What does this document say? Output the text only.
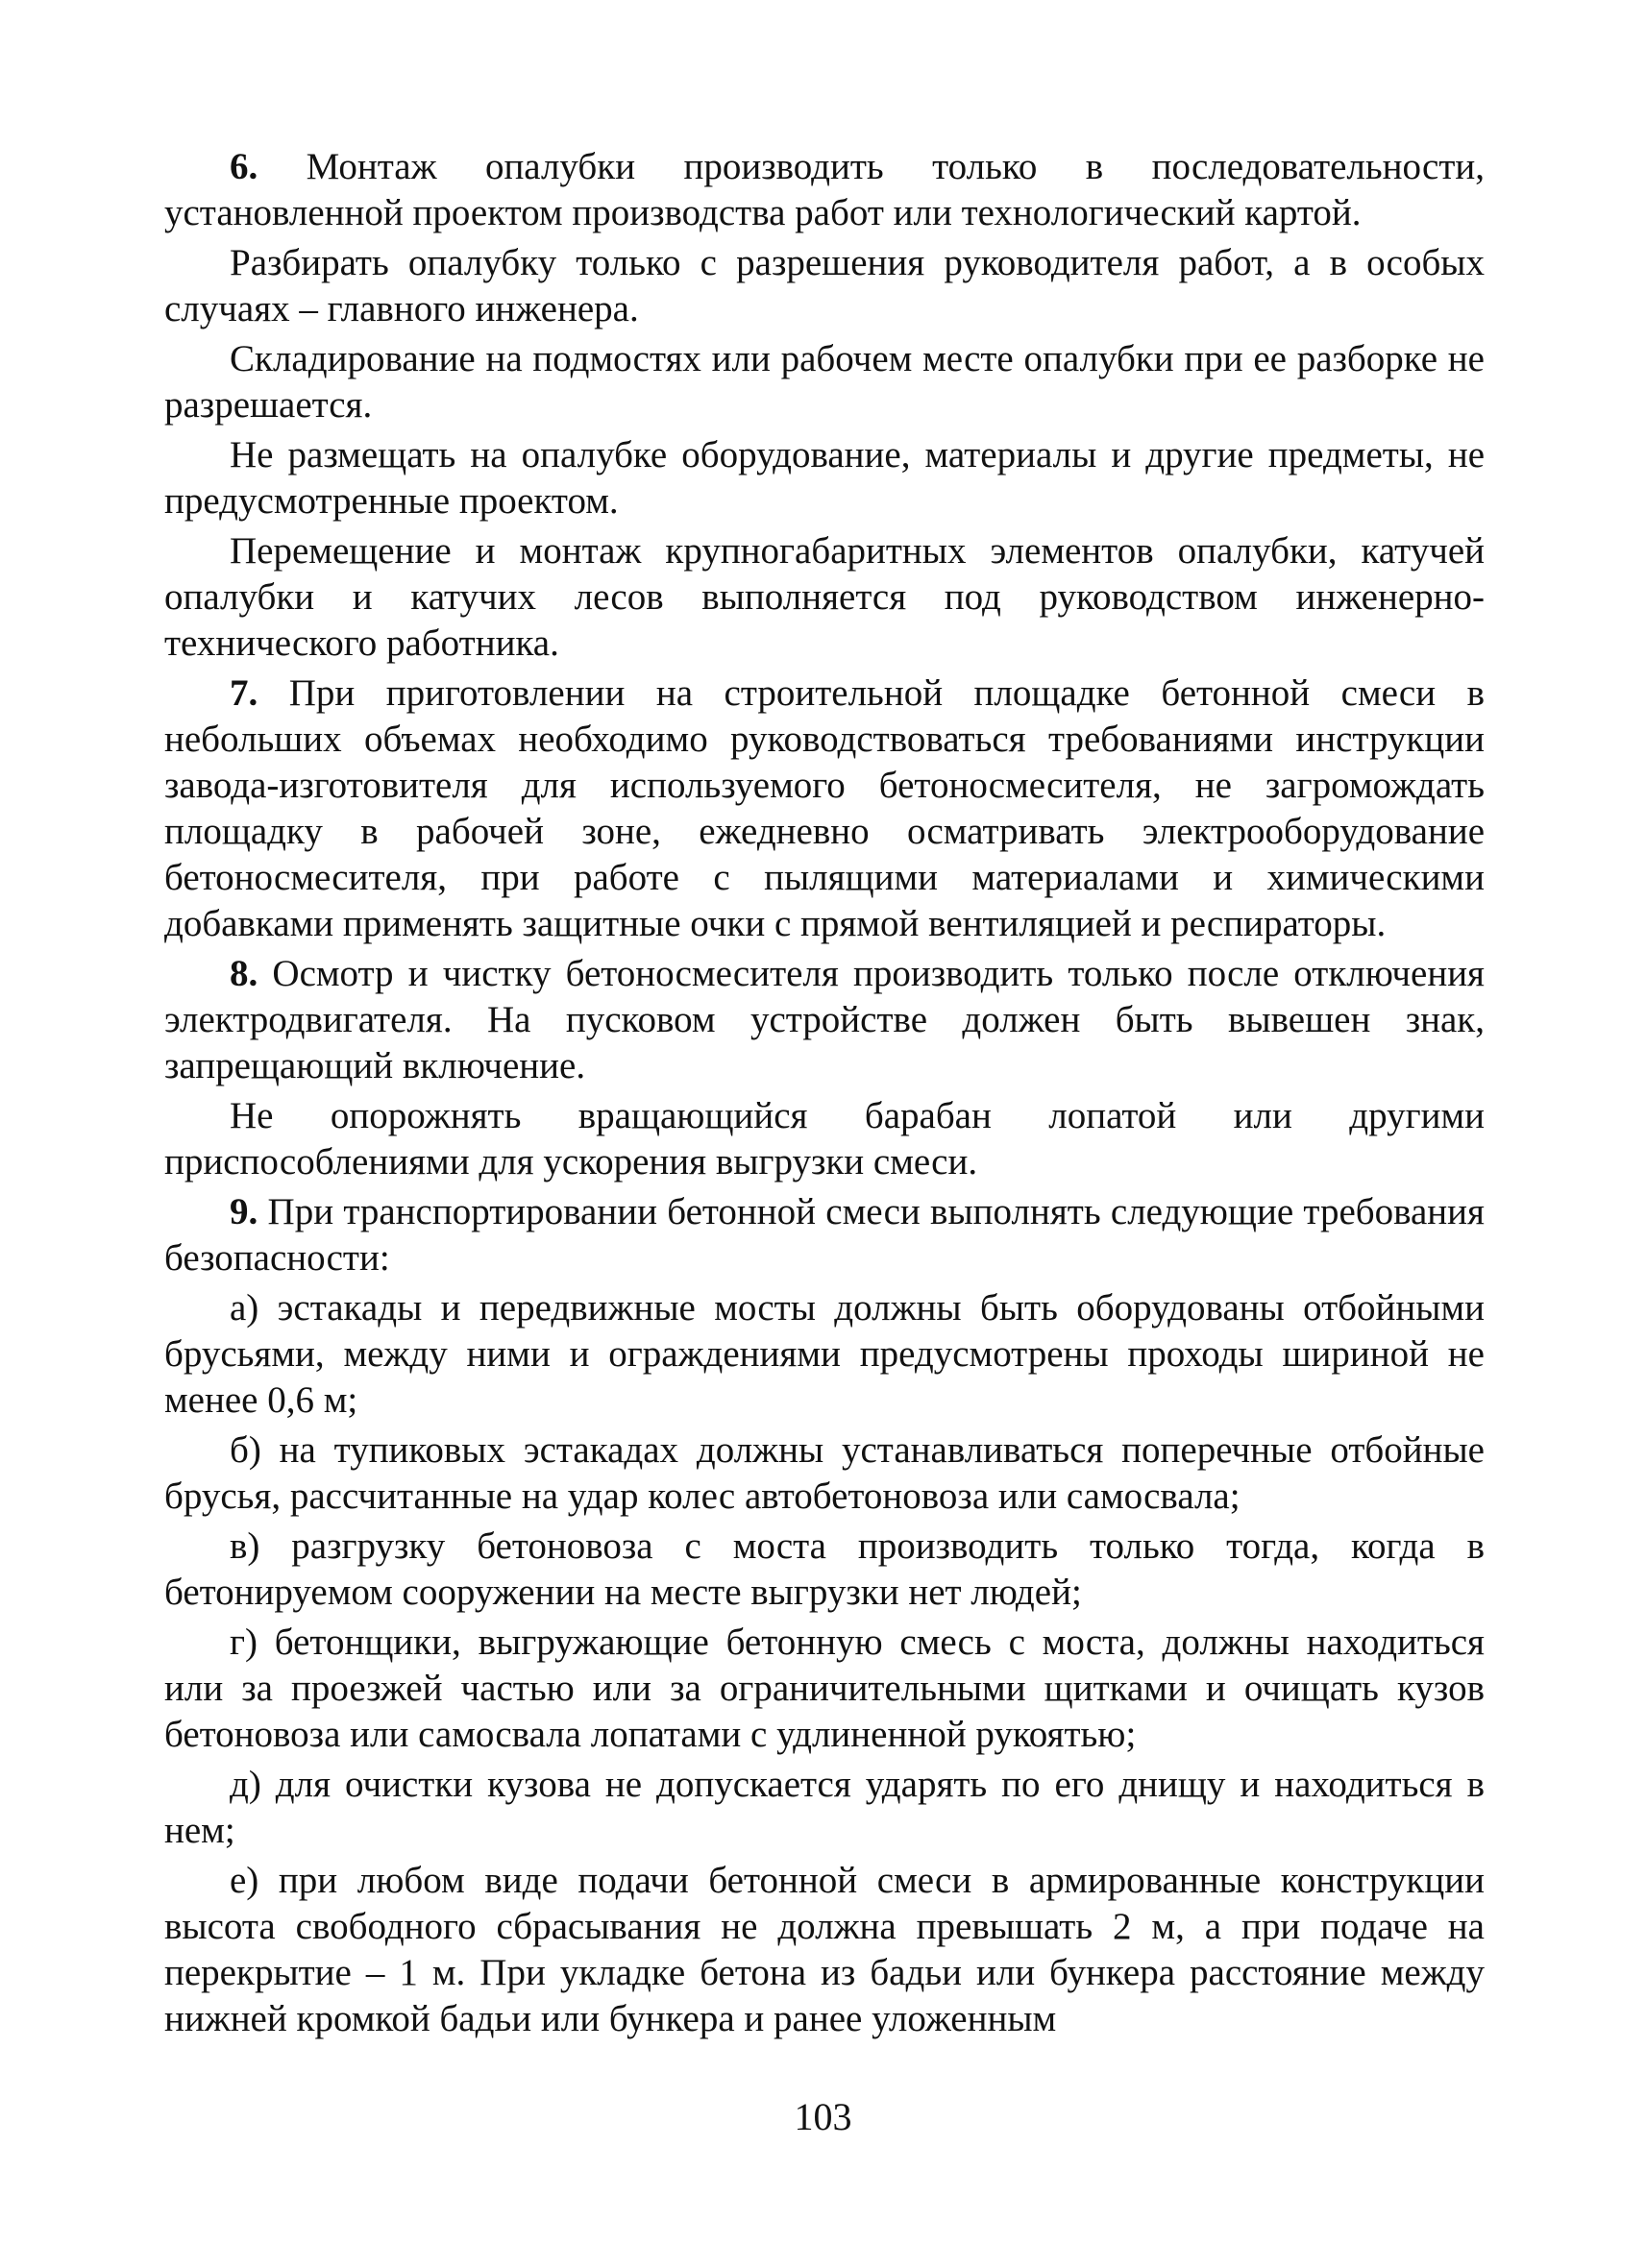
6. Монтаж опалубки производить только в последовательности, установленной проектом производства работ или технологический картой.

Разбирать опалубку только с разрешения руководителя работ, а в особых случаях – главного инженера.

Складирование на подмостях или рабочем месте опалубки при ее разборке не разрешается.

Не размещать на опалубке оборудование, материалы и другие предметы, не предусмотренные проектом.

Перемещение и монтаж крупногабаритных элементов опалубки, катучей опалубки и катучих лесов выполняется под руководством инженерно-технического работника.

7. При приготовлении на строительной площадке бетонной смеси в небольших объемах необходимо руководствоваться требованиями инструкции завода-изготовителя для используемого бетоносмесителя, не загромождать площадку в рабочей зоне, ежедневно осматривать электрооборудование бетоносмесителя, при работе с пылящими материалами и химическими добавками применять защитные очки с прямой вентиляцией и респираторы.

8. Осмотр и чистку бетоносмесителя производить только после отключения электродвигателя. На пусковом устройстве должен быть вывешен знак, запрещающий включение.

Не опорожнять вращающийся барабан лопатой или другими приспособлениями для ускорения выгрузки смеси.

9. При транспортировании бетонной смеси выполнять следующие требования безопасности:

а) эстакады и передвижные мосты должны быть оборудованы отбойными брусьями, между ними и ограждениями предусмотрены проходы шириной не менее 0,6 м;

б) на тупиковых эстакадах должны устанавливаться поперечные отбойные брусья, рассчитанные на удар колес автобетоновоза или самосвала;

в) разгрузку бетоновоза с моста производить только тогда, когда в бетонируемом сооружении на месте выгрузки нет людей;

г) бетонщики, выгружающие бетонную смесь с моста, должны находиться или за проезжей частью или за ограничительными щитками и очищать кузов бетоновоза или самосвала лопатами с удлиненной рукоятью;

д) для очистки кузова не допускается ударять по его днищу и находиться в нем;

е) при любом виде подачи бетонной смеси в армированные конструкции высота свободного сбрасывания не должна превышать 2 м, а при подаче на перекрытие – 1 м. При укладке бетона из бадьи или бункера расстояние между нижней кромкой бадьи или бункера и ранее уложенным

103
